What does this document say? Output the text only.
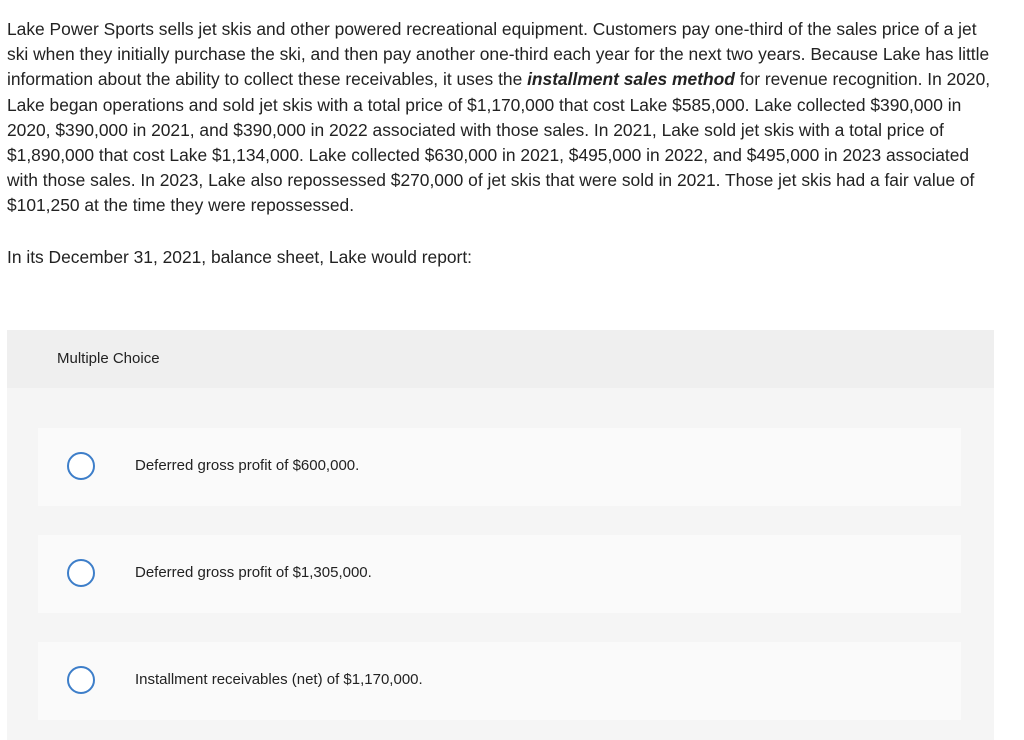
Lake Power Sports sells jet skis and other powered recreational equipment. Customers pay one-third of the sales price of a jet ski when they initially purchase the ski, and then pay another one-third each year for the next two years. Because Lake has little information about the ability to collect these receivables, it uses the installment sales method for revenue recognition. In 2020, Lake began operations and sold jet skis with a total price of $1,170,000 that cost Lake $585,000. Lake collected $390,000 in 2020, $390,000 in 2021, and $390,000 in 2022 associated with those sales. In 2021, Lake sold jet skis with a total price of $1,890,000 that cost Lake $1,134,000. Lake collected $630,000 in 2021, $495,000 in 2022, and $495,000 in 2023 associated with those sales. In 2023, Lake also repossessed $270,000 of jet skis that were sold in 2021. Those jet skis had a fair value of $101,250 at the time they were repossessed.

In its December 31, 2021, balance sheet, Lake would report:
Multiple Choice
Deferred gross profit of $600,000.
Deferred gross profit of $1,305,000.
Installment receivables (net) of $1,170,000.
